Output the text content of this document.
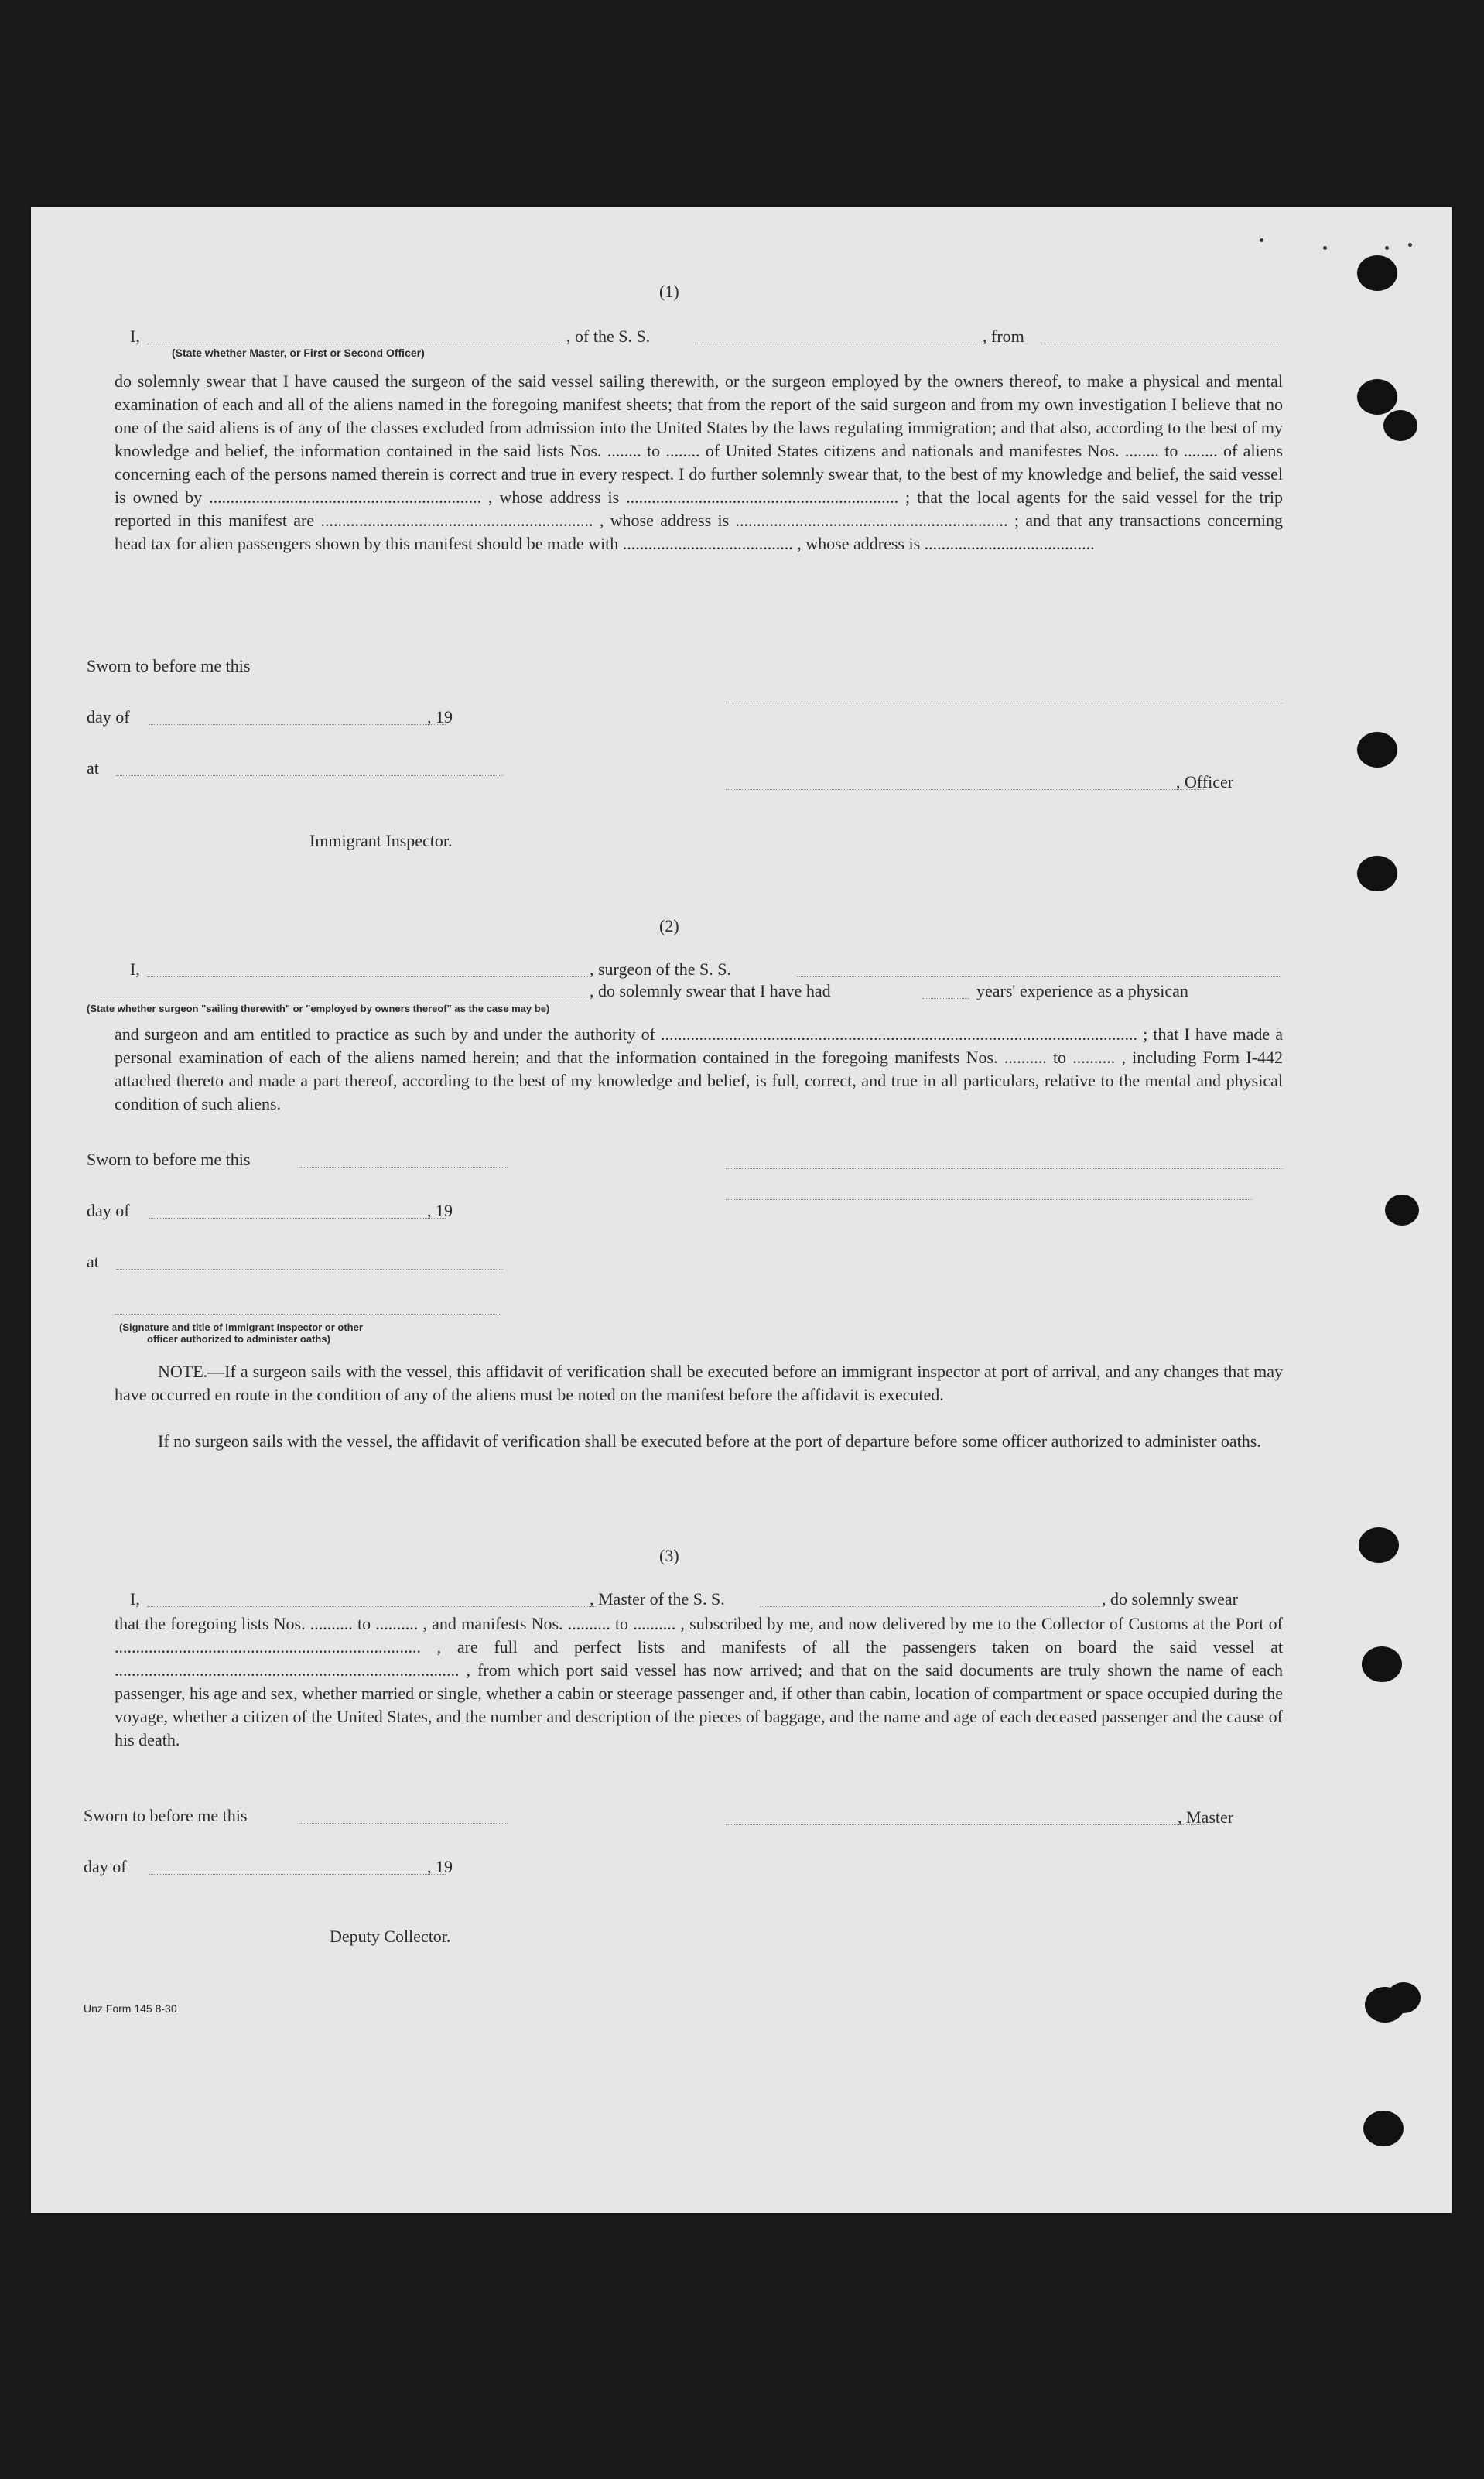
(1)
I,	, of the S. S.	, from
(State whether Master, or First or Second Officer)
do solemnly swear that I have caused the surgeon of the said vessel sailing therewith, or the surgeon employed by the owners thereof, to make a physical and mental examination of each and all of the aliens named in the foregoing manifest sheets; that from the report of the said surgeon and from my own investigation I believe that no one of the said aliens is of any of the classes excluded from admission into the United States by the laws regulating immigration; and that also, according to the best of my knowledge and belief, the information contained in the said lists Nos. ........ to ........ of United States citizens and nationals and manifestes Nos. ........ to ........ of aliens concerning each of the persons named therein is correct and true in every respect. I do further solemnly swear that, to the best of my knowledge and belief, the said vessel is owned by ................................................................ , whose address is ................................................................ ; that the local agents for the said vessel for the trip reported in this manifest are ................................................................ , whose address is ................................................................ ; and that any transactions concerning head tax for alien passengers shown by this manifest should be made with ........................................ , whose address is ........................................
Sworn to before me this
day of	, 19
at
, Officer
Immigrant Inspector.
(2)
I,	, surgeon of the S. S.
, do solemnly swear that I have had	years' experience as a physican
(State whether surgeon "sailing therewith" or "employed by owners thereof" as the case may be)
and surgeon and am entitled to practice as such by and under the authority of ................................................................................................................ ; that I have made a personal examination of each of the aliens named herein; and that the information contained in the foregoing manifests Nos. .......... to .......... , including Form I-442 attached thereto and made a part thereof, according to the best of my knowledge and belief, is full, correct, and true in all particulars, relative to the mental and physical condition of such aliens.
Sworn to before me this
day of	, 19
at
(Signature and title of Immigrant Inspector or other
officer authorized to administer oaths)
NOTE.—If a surgeon sails with the vessel, this affidavit of verification shall be executed before an immigrant inspector at port of arrival, and any changes that may have occurred en route in the condition of any of the aliens must be noted on the manifest before the affidavit is executed.
If no surgeon sails with the vessel, the affidavit of verification shall be executed before at the port of departure before some officer authorized to administer oaths.
(3)
I,	, Master of the S. S.	, do solemnly swear
that the foregoing lists Nos. .......... to .......... , and manifests Nos. .......... to .......... , subscribed by me, and now delivered by me to the Collector of Customs at the Port of ........................................................................ , are full and perfect lists and manifests of all the passengers taken on board the said vessel at ................................................................................. , from which port said vessel has now arrived; and that on the said documents are truly shown the name of each passenger, his age and sex, whether married or single, whether a cabin or steerage passenger and, if other than cabin, location of compartment or space occupied during the voyage, whether a citizen of the United States, and the number and description of the pieces of baggage, and the name and age of each deceased passenger and the cause of his death.
Sworn to before me this	, Master
day of	, 19
Deputy Collector.
Unz Form 145 8-30
